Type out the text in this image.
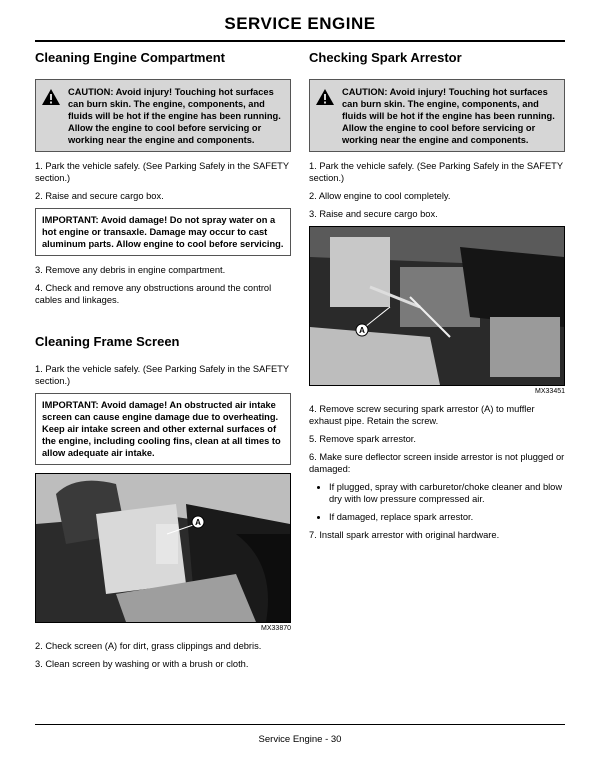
SERVICE ENGINE
Cleaning Engine Compartment
CAUTION: Avoid injury! Touching hot surfaces can burn skin. The engine, components, and fluids will be hot if the engine has been running. Allow the engine to cool before servicing or working near the engine and components.

1. Park the vehicle safely. (See Parking Safely in the SAFETY section.)

2. Raise and secure cargo box.

IMPORTANT: Avoid damage! Do not spray water on a hot engine or transaxle. Damage may occur to cast aluminum parts. Allow engine to cool before servicing.

3. Remove any debris in engine compartment.

4. Check and remove any obstructions around the control cables and linkages.

Cleaning Frame Screen

1. Park the vehicle safely. (See Parking Safely in the SAFETY section.)

IMPORTANT: Avoid damage! An obstructed air intake screen can cause engine damage due to overheating. Keep air intake screen and other external surfaces of the engine, including cooling fins, clean at all times to allow adequate air intake.
A
MX33870

2. Check screen (A) for dirt, grass clippings and debris.

3. Clean screen by washing or with a brush or cloth.

Checking Spark Arrestor
CAUTION: Avoid injury! Touching hot surfaces can burn skin. The engine, components, and fluids will be hot if the engine has been running. Allow the engine to cool before servicing or working near the engine and components.

1. Park the vehicle safely. (See Parking Safely in the SAFETY section.)

2. Allow engine to cool completely.

3. Raise and secure cargo box.

A
MX33451

4. Remove screw securing spark arrestor (A) to muffler exhaust pipe. Retain the screw.

5. Remove spark arrestor.

6. Make sure deflector screen inside arrestor is not plugged or damaged:

• If plugged, spray with carburetor/choke cleaner and blow dry with low pressure compressed air.
• If damaged, replace spark arrestor.

7. Install spark arrestor with original hardware.

Service Engine - 30
